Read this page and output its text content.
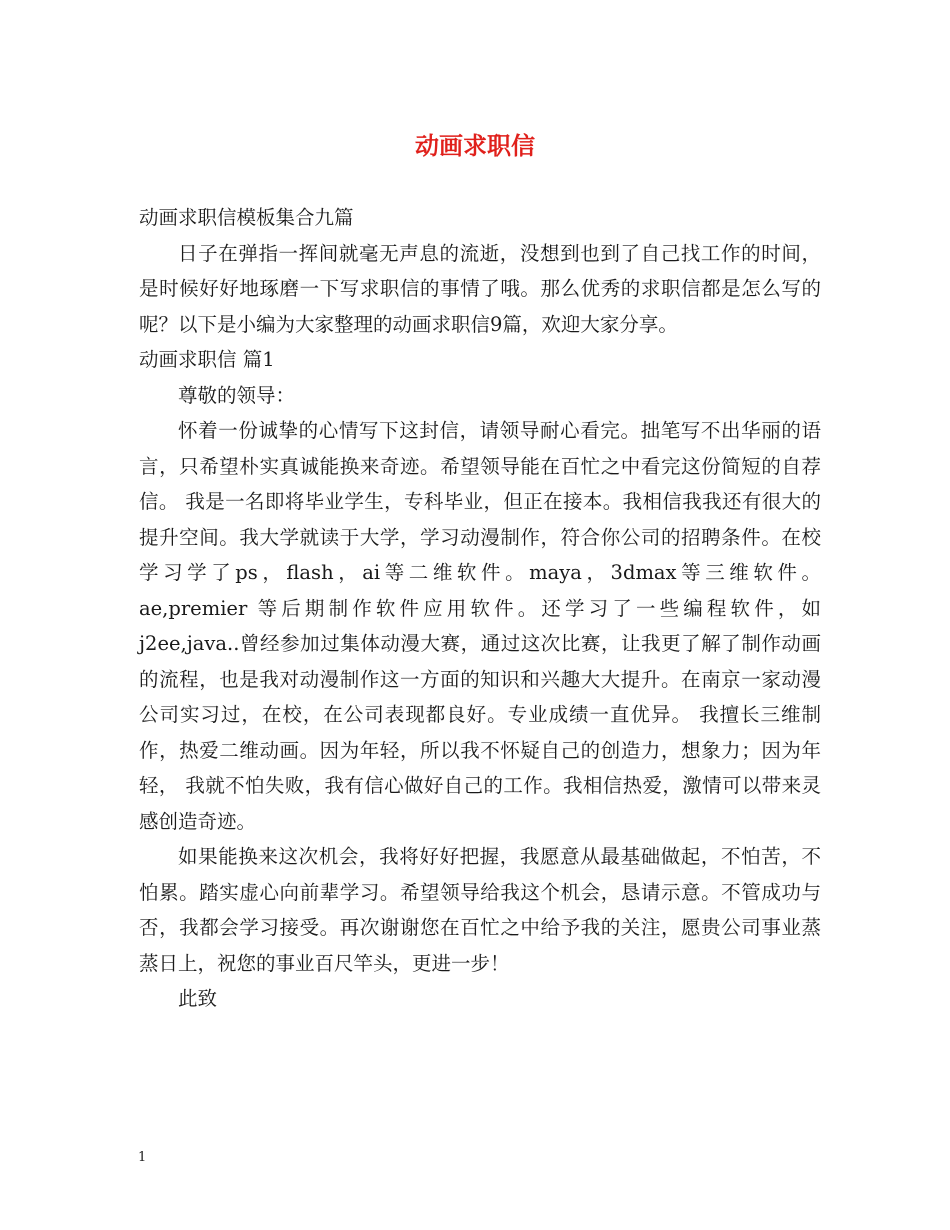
动画求职信

动画求职信模板集合九篇

日子在弹指一挥间就毫无声息的流逝，没想到也到了自己找工作的时间，是时候好好地琢磨一下写求职信的事情了哦。那么优秀的求职信都是怎么写的呢？以下是小编为大家整理的动画求职信9篇，欢迎大家分享。

动画求职信 篇1

尊敬的领导：

怀着一份诚挚的心情写下这封信，请领导耐心看完。拙笔写不出华丽的语言，只希望朴实真诚能换来奇迹。希望领导能在百忙之中看完这份简短的自荐信。 我是一名即将毕业学生，专科毕业，但正在接本。我相信我我还有很大的提升空间。我大学就读于大学，学习动漫制作，符合你公司的招聘条件。在校学习学了ps，flash，ai等二维软件。maya，3dmax等三维软件。ae,premier 等后期制作软件应用软件。还学习了一些编程软件，如j2ee,java..曾经参加过集体动漫大赛，通过这次比赛，让我更了解了制作动画的流程，也是我对动漫制作这一方面的知识和兴趣大大提升。在南京一家动漫公司实习过，在校，在公司表现都良好。专业成绩一直优异。 我擅长三维制作，热爱二维动画。因为年轻，所以我不怀疑自己的创造力，想象力；因为年轻， 我就不怕失败，我有信心做好自己的工作。我相信热爱，激情可以带来灵感创造奇迹。

如果能换来这次机会，我将好好把握，我愿意从最基础做起，不怕苦，不怕累。踏实虚心向前辈学习。希望领导给我这个机会，恳请示意。不管成功与否，我都会学习接受。再次谢谢您在百忙之中给予我的关注，愿贵公司事业蒸蒸日上，祝您的事业百尺竿头，更进一步！

此致

1
